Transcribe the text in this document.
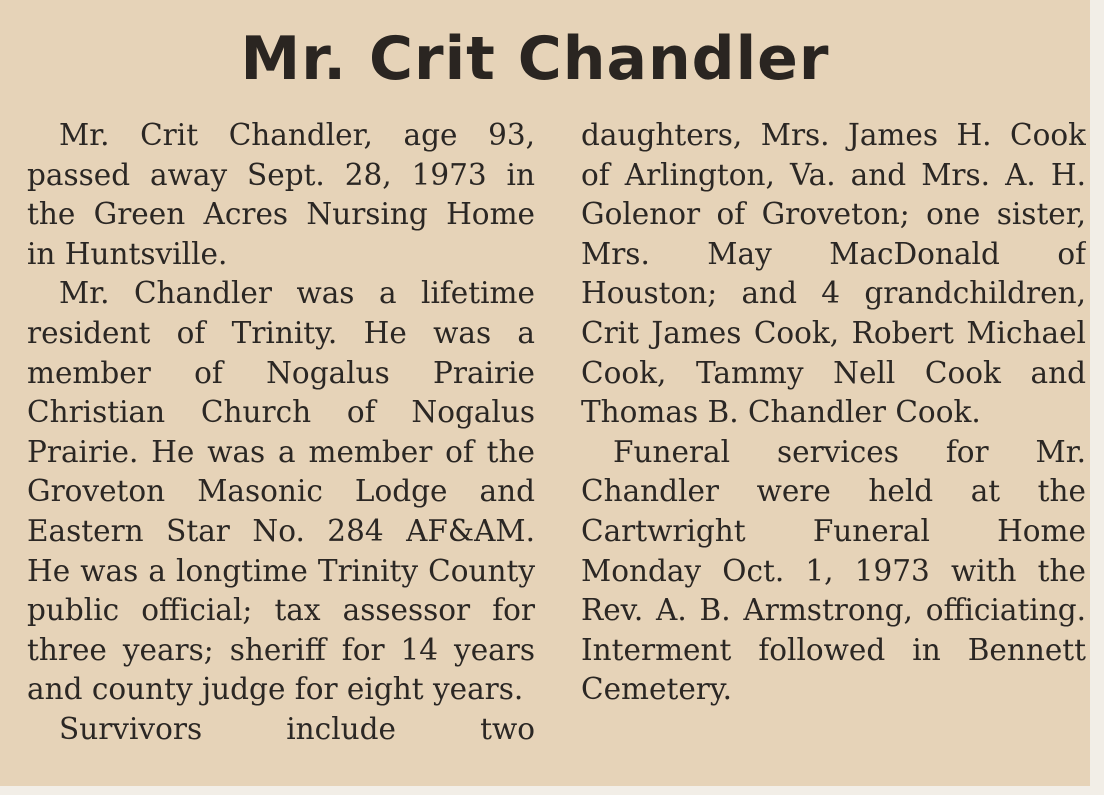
Mr. Crit Chandler

Mr. Crit Chandler, age 93, passed away Sept. 28, 1973 in the Green Acres Nursing Home in Huntsville.

Mr. Chandler was a lifetime resident of Trinity. He was a member of Nogalus Prairie Christian Church of Nogalus Prairie. He was a member of the Groveton Masonic Lodge and Eastern Star No. 284 AF&AM. He was a longtime Trinity County public official; tax assessor for three years; sheriff for 14 years and county judge for eight years.

Survivors include two

daughters, Mrs. James H. Cook of Arlington, Va. and Mrs. A. H. Golenor of Groveton; one sister, Mrs. May MacDonald of Houston; and 4 grandchildren, Crit James Cook, Robert Michael Cook, Tammy Nell Cook and Thomas B. Chandler Cook.

Funeral services for Mr. Chandler were held at the Cartwright Funeral Home Monday Oct. 1, 1973 with the Rev. A. B. Armstrong, officiating. Interment followed in Bennett Cemetery.
